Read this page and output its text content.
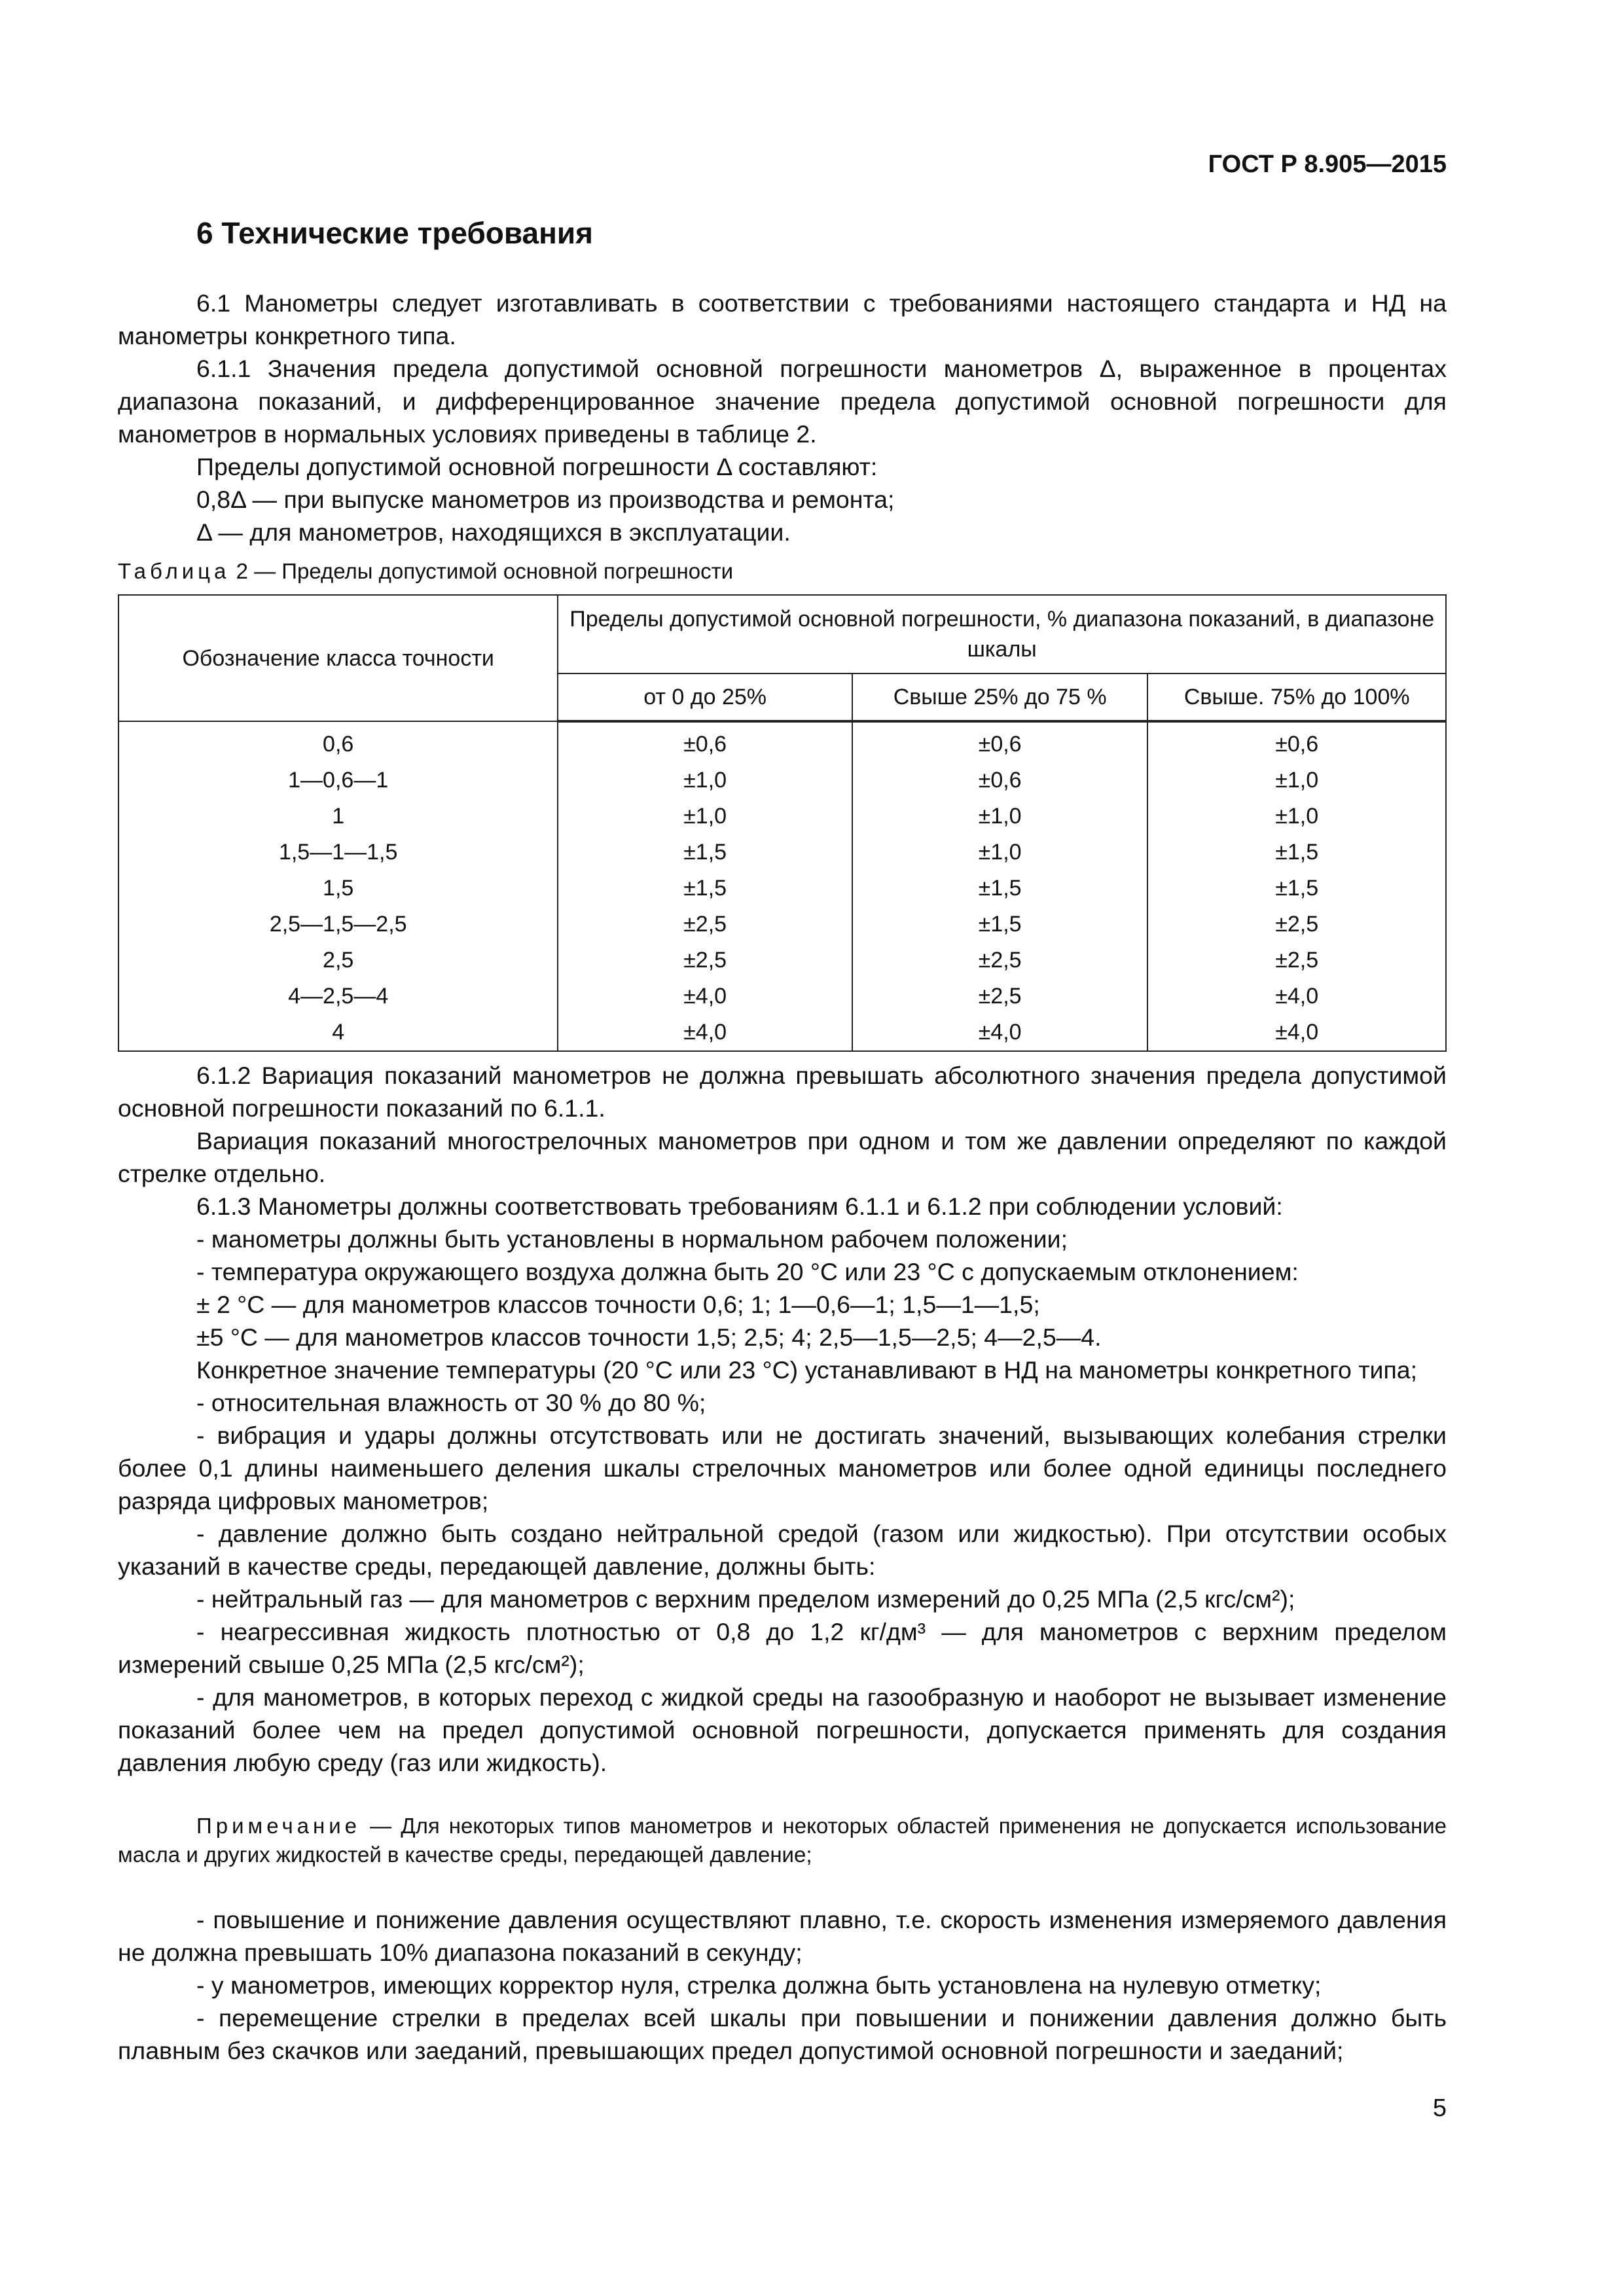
ГОСТ Р 8.905—2015
6 Технические требования

6.1 Манометры следует изготавливать в соответствии с требованиями настоящего стандарта и НД на манометры конкретного типа.

6.1.1 Значения предела допустимой основной погрешности манометров Δ, выраженное в процентах диапазона показаний, и дифференцированное значение предела допустимой основной погрешности для манометров в нормальных условиях приведены в таблице 2.

Пределы допустимой основной погрешности Δ составляют:

0,8Δ — при выпуске манометров из производства и ремонта;

Δ — для манометров, находящихся в эксплуатации.

Таблица 2 — Пределы допустимой основной погрешности
Обозначение класса точности	Пределы допустимой основной погрешности, % диапазона показаний, в диапазоне шкалы		
	от 0 до 25%	Свыше 25% до 75 %	Свыше. 75% до 100%
0,6	±0,6	±0,6	±0,6
1—0,6—1	±1,0	±0,6	±1,0
1	±1,0	±1,0	±1,0
1,5—1—1,5	±1,5	±1,0	±1,5
1,5	±1,5	±1,5	±1,5
2,5—1,5—2,5	±2,5	±1,5	±2,5
2,5	±2,5	±2,5	±2,5
4—2,5—4	±4,0	±2,5	±4,0
4	±4,0	±4,0	±4,0

6.1.2 Вариация показаний манометров не должна превышать абсолютного значения предела допустимой основной погрешности показаний по 6.1.1.

Вариация показаний многострелочных манометров при одном и том же давлении определяют по каждой стрелке отдельно.

6.1.3 Манометры должны соответствовать требованиям 6.1.1 и 6.1.2 при соблюдении условий:

- манометры должны быть установлены в нормальном рабочем положении;

- температура окружающего воздуха должна быть 20 °С или 23 °С с допускаемым отклонением:

± 2 °С — для манометров классов точности 0,6; 1; 1—0,6—1; 1,5—1—1,5;

±5 °С — для манометров классов точности 1,5; 2,5; 4; 2,5—1,5—2,5; 4—2,5—4.

Конкретное значение температуры (20 °С или 23 °С) устанавливают в НД на манометры конкретного типа;

- относительная влажность от 30 % до 80 %;

- вибрация и удары должны отсутствовать или не достигать значений, вызывающих колебания стрелки более 0,1 длины наименьшего деления шкалы стрелочных манометров или более одной единицы последнего разряда цифровых манометров;

- давление должно быть создано нейтральной средой (газом или жидкостью). При отсутствии особых указаний в качестве среды, передающей давление, должны быть:

- нейтральный газ — для манометров с верхним пределом измерений до 0,25 МПа (2,5 кгс/см²);

- неагрессивная жидкость плотностью от 0,8 до 1,2 кг/дм³ — для манометров с верхним пределом измерений свыше 0,25 МПа (2,5 кгс/см²);

- для манометров, в которых переход с жидкой среды на газообразную и наоборот не вызывает изменение показаний более чем на предел допустимой основной погрешности, допускается применять для создания давления любую среду (газ или жидкость).

Примечание — Для некоторых типов манометров и некоторых областей применения не допускается использование масла и других жидкостей в качестве среды, передающей давление;

- повышение и понижение давления осуществляют плавно, т.е. скорость изменения измеряемого давления не должна превышать 10% диапазона показаний в секунду;

- у манометров, имеющих корректор нуля, стрелка должна быть установлена на нулевую отметку;

- перемещение стрелки в пределах всей шкалы при повышении и понижении давления должно быть плавным без скачков или заеданий, превышающих предел допустимой основной погрешности и заеданий;

5
